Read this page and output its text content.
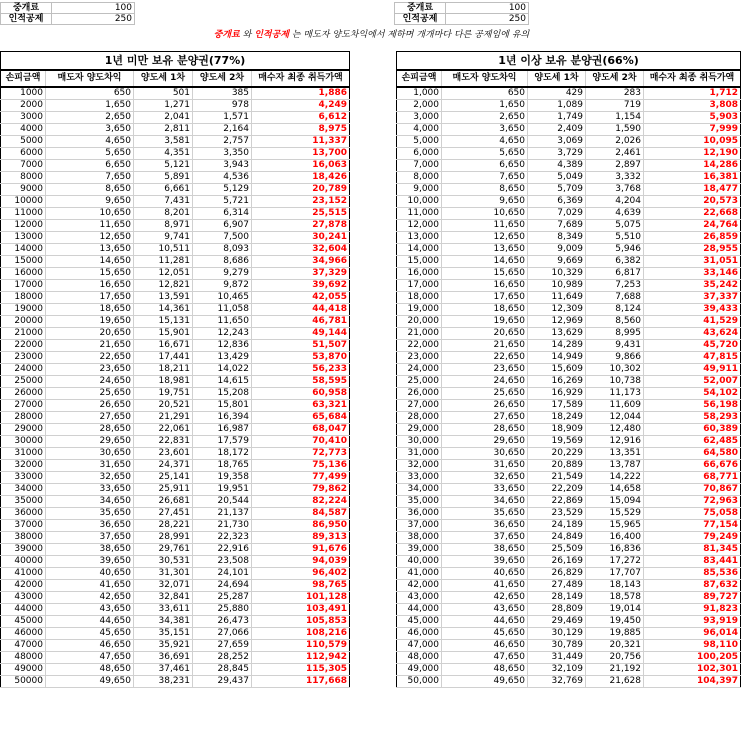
중개료	100
인적공제	250
중개료	100
인적공제	250
중개료 와 인적공제 는 매도자 양도차익에서 제하며 개개마다 다른 공제임에 유의
1년 미만 보유 분양권(77%)				
손피금액	매도자 양도차익	양도세 1차	양도세 2차	매수자 최종 취득가액
1000	650	501	385	1,886
2000	1,650	1,271	978	4,249
3000	2,650	2,041	1,571	6,612
4000	3,650	2,811	2,164	8,975
5000	4,650	3,581	2,757	11,337
6000	5,650	4,351	3,350	13,700
7000	6,650	5,121	3,943	16,063
8000	7,650	5,891	4,536	18,426
9000	8,650	6,661	5,129	20,789
10000	9,650	7,431	5,721	23,152
11000	10,650	8,201	6,314	25,515
12000	11,650	8,971	6,907	27,878
13000	12,650	9,741	7,500	30,241
14000	13,650	10,511	8,093	32,604
15000	14,650	11,281	8,686	34,966
16000	15,650	12,051	9,279	37,329
17000	16,650	12,821	9,872	39,692
18000	17,650	13,591	10,465	42,055
19000	18,650	14,361	11,058	44,418
20000	19,650	15,131	11,650	46,781
21000	20,650	15,901	12,243	49,144
22000	21,650	16,671	12,836	51,507
23000	22,650	17,441	13,429	53,870
24000	23,650	18,211	14,022	56,233
25000	24,650	18,981	14,615	58,595
26000	25,650	19,751	15,208	60,958
27000	26,650	20,521	15,801	63,321
28000	27,650	21,291	16,394	65,684
29000	28,650	22,061	16,987	68,047
30000	29,650	22,831	17,579	70,410
31000	30,650	23,601	18,172	72,773
32000	31,650	24,371	18,765	75,136
33000	32,650	25,141	19,358	77,499
34000	33,650	25,911	19,951	79,862
35000	34,650	26,681	20,544	82,224
36000	35,650	27,451	21,137	84,587
37000	36,650	28,221	21,730	86,950
38000	37,650	28,991	22,323	89,313
39000	38,650	29,761	22,916	91,676
40000	39,650	30,531	23,508	94,039
41000	40,650	31,301	24,101	96,402
42000	41,650	32,071	24,694	98,765
43000	42,650	32,841	25,287	101,128
44000	43,650	33,611	25,880	103,491
45000	44,650	34,381	26,473	105,853
46000	45,650	35,151	27,066	108,216
47000	46,650	35,921	27,659	110,579
48000	47,650	36,691	28,252	112,942
49000	48,650	37,461	28,845	115,305
50000	49,650	38,231	29,437	117,668
1년 이상 보유 분양권(66%)				
손피금액	매도자 양도차익	양도세 1차	양도세 2차	매수자 최종 취득가액
1,000	650	429	283	1,712
2,000	1,650	1,089	719	3,808
3,000	2,650	1,749	1,154	5,903
4,000	3,650	2,409	1,590	7,999
5,000	4,650	3,069	2,026	10,095
6,000	5,650	3,729	2,461	12,190
7,000	6,650	4,389	2,897	14,286
8,000	7,650	5,049	3,332	16,381
9,000	8,650	5,709	3,768	18,477
10,000	9,650	6,369	4,204	20,573
11,000	10,650	7,029	4,639	22,668
12,000	11,650	7,689	5,075	24,764
13,000	12,650	8,349	5,510	26,859
14,000	13,650	9,009	5,946	28,955
15,000	14,650	9,669	6,382	31,051
16,000	15,650	10,329	6,817	33,146
17,000	16,650	10,989	7,253	35,242
18,000	17,650	11,649	7,688	37,337
19,000	18,650	12,309	8,124	39,433
20,000	19,650	12,969	8,560	41,529
21,000	20,650	13,629	8,995	43,624
22,000	21,650	14,289	9,431	45,720
23,000	22,650	14,949	9,866	47,815
24,000	23,650	15,609	10,302	49,911
25,000	24,650	16,269	10,738	52,007
26,000	25,650	16,929	11,173	54,102
27,000	26,650	17,589	11,609	56,198
28,000	27,650	18,249	12,044	58,293
29,000	28,650	18,909	12,480	60,389
30,000	29,650	19,569	12,916	62,485
31,000	30,650	20,229	13,351	64,580
32,000	31,650	20,889	13,787	66,676
33,000	32,650	21,549	14,222	68,771
34,000	33,650	22,209	14,658	70,867
35,000	34,650	22,869	15,094	72,963
36,000	35,650	23,529	15,529	75,058
37,000	36,650	24,189	15,965	77,154
38,000	37,650	24,849	16,400	79,249
39,000	38,650	25,509	16,836	81,345
40,000	39,650	26,169	17,272	83,441
41,000	40,650	26,829	17,707	85,536
42,000	41,650	27,489	18,143	87,632
43,000	42,650	28,149	18,578	89,727
44,000	43,650	28,809	19,014	91,823
45,000	44,650	29,469	19,450	93,919
46,000	45,650	30,129	19,885	96,014
47,000	46,650	30,789	20,321	98,110
48,000	47,650	31,449	20,756	100,205
49,000	48,650	32,109	21,192	102,301
50,000	49,650	32,769	21,628	104,397
